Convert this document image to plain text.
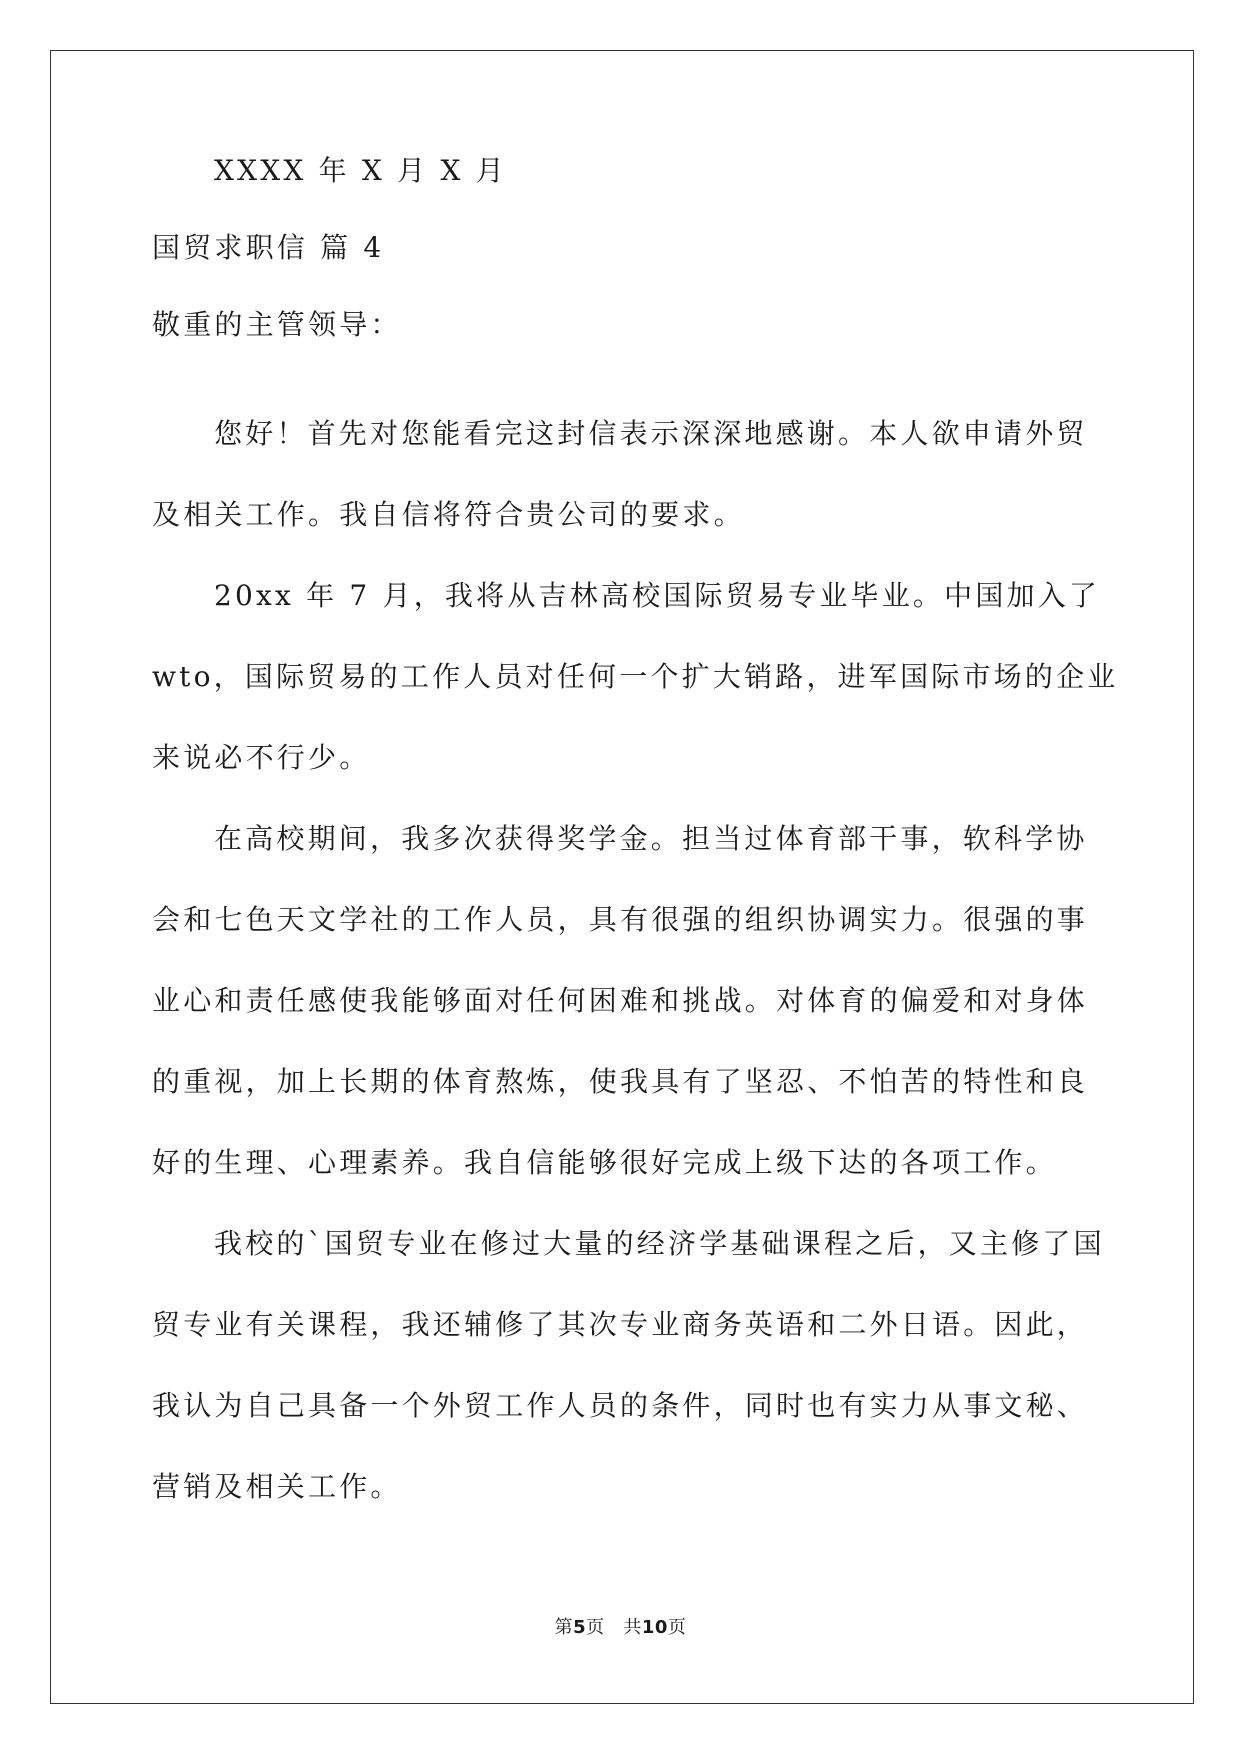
XXXX 年 X 月 X 月
国贸求职信 篇 4
敬重的主管领导：
您好！首先对您能看完这封信表示深深地感谢。本人欲申请外贸
及相关工作。我自信将符合贵公司的要求。
20xx 年 7 月，我将从吉林高校国际贸易专业毕业。中国加入了
wto，国际贸易的工作人员对任何一个扩大销路，进军国际市场的企业
来说必不行少。
在高校期间，我多次获得奖学金。担当过体育部干事，软科学协
会和七色天文学社的工作人员，具有很强的组织协调实力。很强的事
业心和责任感使我能够面对任何困难和挑战。对体育的偏爱和对身体
的重视，加上长期的体育熬炼，使我具有了坚忍、不怕苦的特性和良
好的生理、心理素养。我自信能够很好完成上级下达的各项工作。
我校的`国贸专业在修过大量的经济学基础课程之后，又主修了国
贸专业有关课程，我还辅修了其次专业商务英语和二外日语。因此，
我认为自己具备一个外贸工作人员的条件，同时也有实力从事文秘、
营销及相关工作。
第5页 共10页
